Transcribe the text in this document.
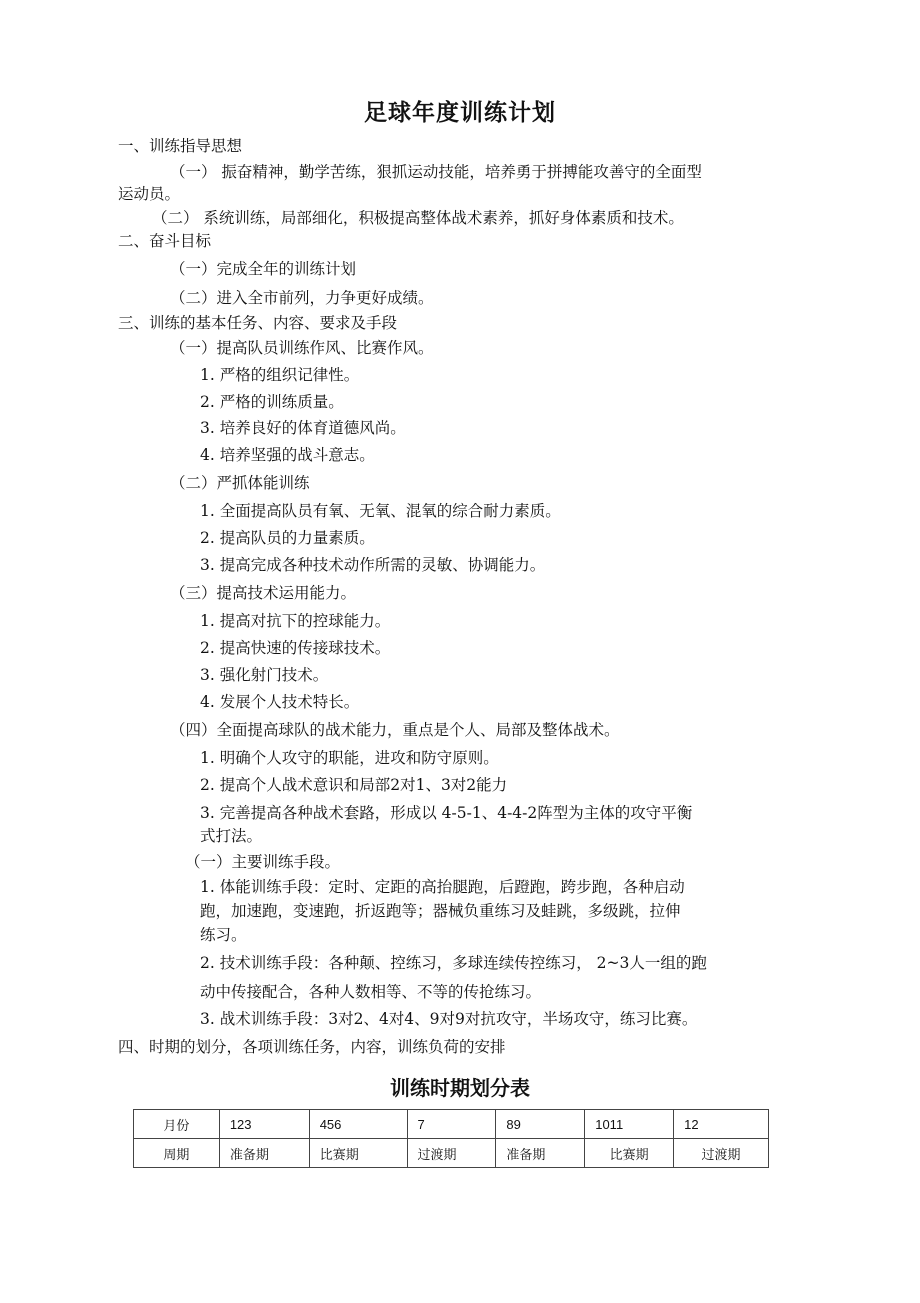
足球年度训练计划
一、训练指导思想
（一） 振奋精神，勤学苦练，狠抓运动技能，培养勇于拼搏能攻善守的全面型
运动员。
（二） 系统训练，局部细化，积极提高整体战术素养，抓好身体素质和技术。
二、奋斗目标
（一）完成全年的训练计划
（二）进入全市前列，力争更好成绩。
三、训练的基本任务、内容、要求及手段
（一）提高队员训练作风、比赛作风。
1. 严格的组织记律性。
2. 严格的训练质量。
3. 培养良好的体育道德风尚。
4. 培养坚强的战斗意志。
（二）严抓体能训练
1. 全面提高队员有氧、无氧、混氧的综合耐力素质。
2. 提高队员的力量素质。
3. 提高完成各种技术动作所需的灵敏、协调能力。
（三）提高技术运用能力。
1. 提高对抗下的控球能力。
2. 提高快速的传接球技术。
3. 强化射门技术。
4. 发展个人技术特长。
（四）全面提高球队的战术能力，重点是个人、局部及整体战术。
1. 明确个人攻守的职能，进攻和防守原则。
2. 提高个人战术意识和局部2对1、3对2能力
3. 完善提高各种战术套路，形成以 4-5-1、4-4-2阵型为主体的攻守平衡
式打法。
（一）主要训练手段。
1. 体能训练手段：定时、定距的高抬腿跑，后蹬跑，跨步跑，各种启动
跑，加速跑，变速跑，折返跑等；器械负重练习及蛙跳，多级跳，拉伸
练习。
2. 技术训练手段：各种颠、控练习，多球连续传控练习， 2~3人一组的跑
动中传接配合，各种人数相等、不等的传抢练习。
3. 战术训练手段：3对2、4对4、9对9对抗攻守，半场攻守，练习比赛。
四、时期的划分，各项训练任务，内容，训练负荷的安排
训练时期划分表
月份	123	456	7	89	1011	12
周期	准备期	比赛期	过渡期	准备期	比赛期	过渡期
